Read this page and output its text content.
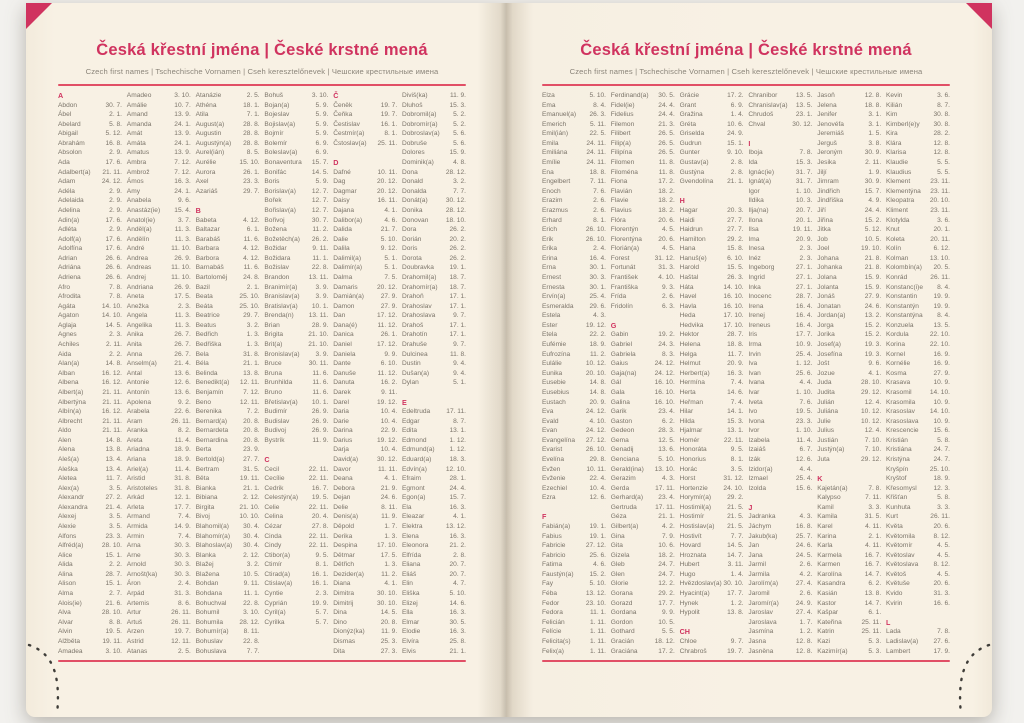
Česká křestní jména | České krstné mená
Czech first names | Tschechische Vornamen | Cseh keresztelőnevek | Чешские крестильные имена
A
Abdon	30. 7.
Ábel	2. 1.
Abelard	5. 8.
Abigail	5. 12.
Abrahám	16. 8.
Absolon	2. 9.
Ada	17. 6.
Adalbert(a) 21. 11.
Adam	24. 12.
Adéla	2. 9.
Adelaida	2. 9.
Adelina	2. 9.
Adin(a)	17. 6.
Adléta	2. 9.
Adolf(a)	17. 6.
Adolfína	17. 6.
Adrian	26. 6.
Adriána	26. 6.
Adriena	26. 6.
Afro	7. 8.
Afrodita	7. 8.
Agáta	14. 10.
Agaton	14. 10.
Aglaja	14. 5.
Agnes	2. 3.
Achiles	2. 11.
Aida	2. 2.
Alan(a)	14. 8.
Alban	16. 12.
Albena	16. 12.
Albert(a)	21. 11.
Albertýna 21. 11.
Albín(a)	16. 12.
Albrecht	21. 11.
Aldo	21. 11.
Alen	14. 8.
Alena	13. 8.
Aleš(a)	13. 4.
Aleška	13. 4.
Aletea	11. 7.
Alex(a)	3. 5.
Alexandr	27. 2.
Alexandra	21. 4.
Alexej	3. 5.
Alexie	3. 5.
Alfons	23. 3.
Alfréd(a)	28. 10.
Alice	15. 1.
Alida	2. 2.
Alina	28. 7.
Alison	15. 1.
Alma	2. 7.
Alois(ie)	21. 6.
Alva	28. 10.
Alvar	8. 8.
Alvin	19. 5.
Alžběta	19. 11.
Amadea	3. 10.
Amadeo	3. 10.
Amálie	10. 7.
Amand	13. 9.
Amanda	24. 1.
Amát	13. 9.
Amáta	24. 1.
Amatus	13. 9.
Ambra	7. 12.
Ambrož	7. 12.
Ámos	16. 3.
Amy	24. 1.
Anabela	9. 6.
Anastáz(ie) 15. 4.
Anatol(ie)	3. 7.
Anděl(a)	11. 3.
Andělín	11. 3.
André	11. 10.
Andrea	26. 9.
Andreas	11. 10.
Andrej	11. 10.
Andriana	26. 9.
Aneta	17. 5.
Anežka	2. 3.
Angela	11. 3.
Angelika	11. 3.
Anika	26. 7.
Anita	26. 7.
Anna	26. 7.
Anselm(a)	21. 4.
Antal	13. 6.
Antonie	12. 6.
Antonín	13. 6.
Apolena	9. 2.
Arabela	22. 6.
Aram	26. 11.
Aranka	8. 2.
Areta	11. 4.
Ariadna	18. 9.
Ariana	18. 9.
Ariel(a)	11. 4.
Aristid	31. 8.
Aristoteles	31. 8.
Arkád	12. 1.
Arleta	17. 7.
Armand	7. 4.
Armida	14. 9.
Armin	7. 4.
Arna	30. 3.
Arne	30. 3.
Arnold	30. 3.
Arnošt(ka)	30. 3.
Áron	2. 4.
Arpád	31. 3.
Artemis	8. 6.
Artur	26. 11.
Artuš	26. 11.
Arzen	19. 7.
Astrid	12. 11.
Atanas	2. 5.
Atanázie	2. 5.
Athéna	18. 1.
Atila	7. 1.
August(a)	28. 8.
Augustin	28. 8.
Augustýn(a) 28. 8.
Aurel(ián)	8. 5.
Aurélie	15. 10.
Aurora	26. 1.
Axel	23. 3.
Azariáš	29. 7.
B
Babeta	4. 12.
Baltazar	6. 1.
Barabáš	11. 6.
Barbara	4. 12.
Barbora	4. 12.
Barnabáš	11. 6.
Bartoloměj 24. 8.
Bazil	2. 1.
Beata	25. 10.
Beáta	25. 10.
Beatrice	29. 7.
Beatus	3. 2.
Bedřich	1. 3.
Bedřiška	1. 3.
Bela	31. 8.
Béla	21. 1.
Belinda	13. 8.
Benedikt(a) 12. 11.
Benjamín	7. 12.
Beno	12. 11.
Berenika	7. 2.
Bernard(a) 20. 8.
Bernardeta 20. 8.
Bernardina 20. 8.
Berta	23. 9.
Bertold(a)	27. 7.
Bertram	31. 5.
Běta	19. 11.
Bianka	21. 1.
Bibiana	2. 12.
Birgita	21. 10.
Bivoj	10. 10.
Blahomil(a) 30. 4.
Blahomír(a) 30. 4.
Blahoslav(a) 30. 4.
Blanka	2. 12.
Blažej	3. 2.
Blažena	10. 5.
Bohdan	9. 11.
Bohdana	11. 1.
Bohuchval	22. 8.
Bohumil	3. 10.
Bohumila 28. 12.
Bohumír(a) 8. 11.
Bohuslav	22. 8.
Bohuslava	7. 7.
Bohuš	3. 10.
Bojan(a)	5. 9.
Bojeslav	5. 9.
Bojislav(a)	5. 9.
Bojmír	5. 9.
Bolemír	6. 9.
Boleslav(a)	6. 9.
Bonaventura 15. 7.
Bonifác	14. 5.
Boris	5. 9.
Borislav(a) 12. 7.
Bořek	12. 7.
Bořislav(a) 12. 7.
Bořivoj	30. 7.
Božena	11. 2.
Božetěch(a) 26. 2.
Božidar	9. 11.
Božidara	11. 1.
Božislav	22. 8.
Brandon	13. 11.
Branimír(a)	3. 9.
Branislav(a) 3. 9.
Bratislav(a) 10. 1.
Brenda(n) 13. 11.
Brian	28. 9.
Brigita	21. 10.
Brit(a)	21. 10.
Bronislav(a) 3. 9.
Bruce	30. 11.
Bruna	11. 6.
Brunhilda	11. 6.
Bruno	11. 6.
Břetislav(a) 10. 1.
Budimír	26. 9.
Budislav	26. 9.
Budivoj	26. 9.
Bystrík	11. 9.
C
Cecil	22. 11.
Cecílie	22. 11.
Cedrik	16. 7.
Celestýn(a) 19. 5.
Celie	22. 11.
Celina	20. 4.
Cézar	27. 8.
Cinda	22. 11.
Cindy	22. 11.
Ctibor(a)	9. 5.
Ctimír	8. 1.
Ctirad(a)	16. 1.
Ctislav(a)	16. 1.
Cyntie	2. 3.
Cyprián	19. 9.
Cyril(a)	5. 7.
Cyrilka	5. 7.
Č
Čeněk	19. 7.
Čeňka	19. 7.
Čestislav	16. 1.
Čestmír(a)	8. 1.
Čstoslav(a) 25. 11.
D
Dafné	10. 11.
Dag	20. 12.
Dagmar	20. 12.
Daisy	16. 11.
Dajana	4. 1.
Dalibor(a)	4. 6.
Dalida	21. 7.
Dalie	5. 10.
Dalila	9. 12.
Dalimil(a)	5. 1.
Dalimír(a)	5. 1.
Dalma	7. 5.
Damaris	20. 12.
Damián(a)	27. 9.
Damon	27. 9.
Dan	17. 12.
Dana(é)	11. 12.
Danica	26. 1.
Daniel	17. 12.
Daniela	9. 9.
Dante	6. 10.
Danuše	11. 12.
Danuta	16. 2.
Darek	9. 11.
Darel	19. 12.
Daria	10. 4.
Darie	10. 4.
Darina	22. 9.
Darius	19. 12.
Darja	10. 4.
David(a)	30. 12.
Davor	11. 11.
Deana	4. 1.
Debora	21. 9.
Dejan	24. 6.
Delie	8. 11.
Denis(a)	11. 9.
Děpold	1. 7.
Derika	1. 3.
Despina	17. 10.
Dětmar	17. 5.
Dětřich	1. 3.
Dezider(a)	11. 2.
Diana	4. 1.
Dimitra	30. 10.
Dimitrij	30. 10.
Dina	14. 5.
Dino	20. 8.
Dionýz(ka) 11. 9.
Dismas	25. 3.
Dita	27. 3.
Diviš(ka)	11. 9.
Dluhoš	15. 3.
Dobromil(a)	5. 2.
Dobromír(a) 5. 2.
Dobroslav(a) 5. 6.
Dobruše	5. 6.
Dolores	15. 9.
Dominik(a)	4. 8.
Dona	28. 12.
Donald	3. 2.
Donalda	7. 7.
Donát(a)	30. 12.
Donika	28. 12.
Donovan	18. 10.
Dora	26. 2.
Dorián	20. 2.
Doris	26. 2.
Dorota	26. 2.
Doubravka 19. 1.
Drahomil(a) 18. 7.
Drahomír(a) 18. 7.
Drahoň	17. 1.
Drahoslav	17. 1.
Drahoslava	9. 7.
Drahoš	17. 1.
Drahotín	17. 1.
Drahuše	9. 7.
Dulcinea	11. 8.
Dustin	9. 4.
Dušan(a)	9. 4.
Dylan	5. 1.
E
Edeltruda 17. 11.
Edgar	8. 7.
Edita	13. 1.
Edmond	1. 12.
Edmund(a) 1. 12.
Eduard(a)	18. 3.
Edvín(a)	12. 10.
Efraim	28. 1.
Egmont	24. 4.
Egon(a)	15. 7.
Ela	16. 3.
Eleazar	4. 1.
Elektra	13. 12.
Elena	16. 3.
Eleonora	21. 2.
Elfrída	2. 8.
Eliana	20. 7.
Eliáš	20. 7.
Elin	4. 7.
Eliška	5. 10.
Elizej	14. 6.
Ella	16. 3.
Elmar	30. 5.
Elodie	16. 3.
Elvíra	25. 8.
Elvis	21. 1.
Česká křestní jména | České krstné mená
Czech first names | Tschechische Vornamen | Cseh keresztelőnevek | Чешские крестильные имена
Elza	5. 10.
Ema	8. 4.
Emanuel(a) 26. 3.
Emerich	5. 11.
Emil(ián)	22. 5.
Emila	24. 11.
Emiliána	24. 11.
Emílie	24. 11.
Ena	18. 8.
Engelbert	7. 11.
Enoch	7. 6.
Erazim	2. 6.
Erazmus	2. 6.
Erhard	8. 1.
Erich	26. 10.
Erik	26. 10.
Erika	2. 4.
Erina	16. 4.
Erna	30. 1.
Ernest	30. 3.
Ernesta	30. 1.
Ervín(a)	25. 4.
Esmeralda 29. 6.
Estela	4. 3.
Ester	19. 12.
Etela	22. 2.
Eufémie	18. 9.
Eufrozína	11. 2.
Eulálie	10. 12.
Eunika	20. 10.
Eusebie	14. 8.
Eusebius	14. 8.
Eustach	20. 9.
Eva	24. 12.
Evald	4. 10.
Evan	24. 12.
Evangelína 27. 12.
Evarist	26. 10.
Evelína	29. 8.
Evžen	10. 11.
Evženie	22. 4.
Ezechiel	10. 4.
Ezra	12. 6.
F
Fabián(a)	19. 1.
Fabius	19. 1.
Fabricie	27. 12.
Fabricio	25. 6.
Fatima	4. 6.
Faustýn(a) 15. 2.
Fay	5. 10.
Féba	13. 12.
Fedor	23. 10.
Fedora	11. 1.
Felicián	1. 11.
Felície	1. 11.
Felicita(s)	1. 11.
Felix(a)	1. 11.
Ferdinand(a) 30. 5.
Fidel(ie)	24. 4.
Fidelius	24. 4.
Filemon	21. 3.
Filibert	26. 5.
Filip(a)	26. 5.
Filipína	26. 5.
Filomen	11. 8.
Filoména	11. 8.
Fiona	17. 2.
Flavián	18. 2.
Flavie	18. 2.
Flavius	18. 2.
Flóra	20. 6.
Florentýn	4. 5.
Florentýna 20. 6.
Florián(a)	4. 5.
Forest	31. 12.
Fortunát	31. 3.
František	4. 10.
Františka	9. 3.
Frída	2. 6.
Fridolín	6. 3.
G
Gabin	19. 2.
Gabriel	24. 3.
Gabriela	8. 3.
Gaius	24. 12.
Gaja(na)	24. 12.
Gál	16. 10.
Gala	16. 10.
Galina	16. 10.
Garik	23. 4.
Gaston	6. 2.
Gedeon	28. 3.
Gema	12. 5.
Genadij	13. 6.
Genciana	5. 10.
Gerald(ina) 13. 10.
Gerazim	4. 3.
Gerda	17. 11.
Gerhard(a) 23. 4.
Gertruda	17. 11.
Géza	21. 1.
Gilbert(a)	4. 2.
Gina	7. 9.
Gita	10. 6.
Gizela	18. 2.
Gleb	24. 7.
Glen	24. 7.
Glorie	12. 2.
Gorana	29. 2.
Gorazd	17. 7.
Gordana	9. 9.
Gordon	10. 5.
Gothard	5. 5.
Gracián	18. 12.
Graciána	17. 2.
Grácie	17. 2.
Grant	6. 9.
Gražina	1. 4.
Gréta	10. 6.
Griselda	24. 9.
Gudrun	15. 1.
Gunter	9. 10.
Gustav(a)	2. 8.
Gustýna	2. 8.
Gvendolína 21. 1.
H
Hagar	20. 3.
Haidi	27. 7.
Haidrun	27. 7.
Hamilton	29. 2.
Hana	15. 8.
Hanuš(e)	6. 10.
Harold	15. 5.
Haštal	26. 3.
Háta	14. 10.
Havel	16. 10.
Havla	16. 10.
Heda	17. 10.
Hedvika	17. 10.
Hektor	28. 7.
Helena	18. 8.
Helga	11. 7.
Helmut	20. 9.
Herbert(a)	16. 3.
Hermína	7. 4.
Herta	14. 6.
Heřman	7. 4.
Hilar	14. 1.
Hilda	15. 3.
Hjalmar	13. 1.
Homér	22. 11.
Honoráta	9. 5.
Honorius	8. 1.
Horác	3. 5.
Horst	31. 12.
Hortenzie 24. 10.
Horymír(a) 29. 2.
Hostimil(a) 21. 5.
Hostimír	21. 5.
Hostislav(a) 21. 5.
Hostivít	7. 7.
Hovard	14. 5.
Hroznata	14. 7.
Hubert	3. 11.
Hugo	1. 4.
Hvězdoslav(a) 30. 10.
Hyacint(a)	17. 7.
Hynek	1. 2.
Hypolit	13. 8.
CH
Chloe	9. 7.
Chrabroš	19. 7.
Chranibor	13. 5.
Chranislav(a) 13. 5.
Chrudoš	23. 1.
Chval	30. 12.
I
Iboja	7. 8.
Ida	15. 3.
Ignác(ie)	31. 7.
Ignát(a)	31. 7.
Igor	1. 10.
Ildika	10. 3.
Ilja(na)	20. 7.
Ilona	20. 1.
Ilsa	19. 11.
Ima	20. 9.
Inesa	2. 3.
Inéz	2. 3.
Ingeborg	27. 1.
Ingrid	27. 1.
Inka	27. 1.
Inocenc	28. 7.
Irena	16. 4.
Irenej	16. 4.
Ireneus	16. 4.
Iris	17. 7.
Irma	10. 9.
Irvin	25. 4.
Iva	1. 12.
Ivan	25. 6.
Ivana	4. 4.
Ivar	1. 10.
Iveta	7. 6.
Ivo	19. 5.
Ivona	23. 3.
Ivor	1. 10.
Izabela	11. 4.
Izaiáš	6. 7.
Izák	12. 6.
Izidor(a)	4. 4.
Izmael	25. 4.
Izolda	15. 6.
J
Jadranka	4. 3.
Jáchym	16. 8.
Jakub(ka)	25. 7.
Jan	24. 6.
Jana	24. 5.
Jarmil	2. 6.
Jarmila	4. 2.
Jarolím(a)	27. 4.
Jaromil	2. 6.
Jaromír(a)	24. 9.
Jaroslav	27. 4.
Jaroslava	1. 7.
Jasmína	1. 2.
Jasna	12. 8.
Jasněna	12. 8.
Jasoň	12. 8.
Jelena	18. 8.
Jenifer	3. 1.
Jenovéfa	3. 1.
Jeremiáš	1. 5.
Jerguš	3. 8.
Jeroným	30. 9.
Jesika	2. 11.
Jiljí	1. 9.
Jimram	30. 9.
Jindřich	15. 7.
Jindřiška	4. 9.
Jiří	24. 4.
Jiřina	15. 2.
Jitka	5. 12.
Job	10. 5.
Joel	19. 10.
Johana	21. 8.
Johanka	21. 8.
Jolana	15. 9.
Jolanta	15. 9.
Jonáš	27. 9.
Jonatan	24. 6.
Jordan(a)	13. 2.
Jorga	15. 2.
Jorika	15. 2.
Josef(a)	19. 3.
Josefína	19. 3.
Jošt	9. 6.
Jozue	4. 1.
Juda	28. 10.
Judita	29. 12.
Julián	12. 4.
Juliána	10. 12.
Julie	10. 12.
Julius	12. 4.
Justián	7. 10.
Justýn(a)	7. 10.
Juta	29. 12.
K
Kajetán(a)	7. 8.
Kalypso	7. 11.
Kamil	3. 3.
Kamila	31. 5.
Karel	4. 11.
Karina	2. 1.
Karla	4. 11.
Karmela	16. 7.
Karmen	16. 7.
Karolína	14. 7.
Kasandra	6. 2.
Kasián	13. 8.
Kastor	14. 7.
Kašpar	6. 1.
Kateřina	25. 11.
Katrin	25. 11.
Kazi	5. 3.
Kazimír(a)	5. 3.
Kevin	3. 6.
Kilián	8. 7.
Kim	30. 8.
Kimberl(e)y 30. 8.
Kira	28. 2.
Klára	12. 8.
Klarisa	12. 8.
Klaudie	5. 5.
Klaudius	5. 5.
Klement	23. 11.
Klementýna 23. 11.
Kleopatra 20. 10.
Kliment	23. 11.
Klotylda	3. 6.
Knut	20. 1.
Koleta	20. 11.
Kolín	6. 12.
Kolman	13. 10.
Kolombín(a) 20. 5.
Konrád	26. 11.
Konstanc(i)e 8. 4.
Konstantin 19. 9.
Konstantýn 19. 9.
Konstantýna 8. 4.
Konzuela	13. 5.
Kordula	22. 10.
Korina	22. 10.
Kornel	16. 9.
Kornélie	16. 9.
Kosma	27. 9.
Krasava	10. 9.
Krasomil	14. 10.
Krasomila	10. 9.
Krasoslav 14. 10.
Krasoslava 10. 9.
Krescencie 15. 6.
Kristián	5. 8.
Kristiána	24. 7.
Kristýna	24. 7.
Kryšpín	25. 10.
Kryštof	18. 9.
Křesomysl	12. 3.
Křišťan	5. 8.
Kunhuta	3. 3.
Kurt	26. 11.
Květa	20. 6.
Květomila	8. 12.
Květomír	4. 5.
Květoslav	4. 5.
Květoslava 8. 12.
Květoš	4. 5.
Květuše	20. 6.
Kvido	31. 3.
Kvirin	16. 6.
L
Lada	7. 8.
Ladislav(a) 27. 6.
Lambert	17. 9.
